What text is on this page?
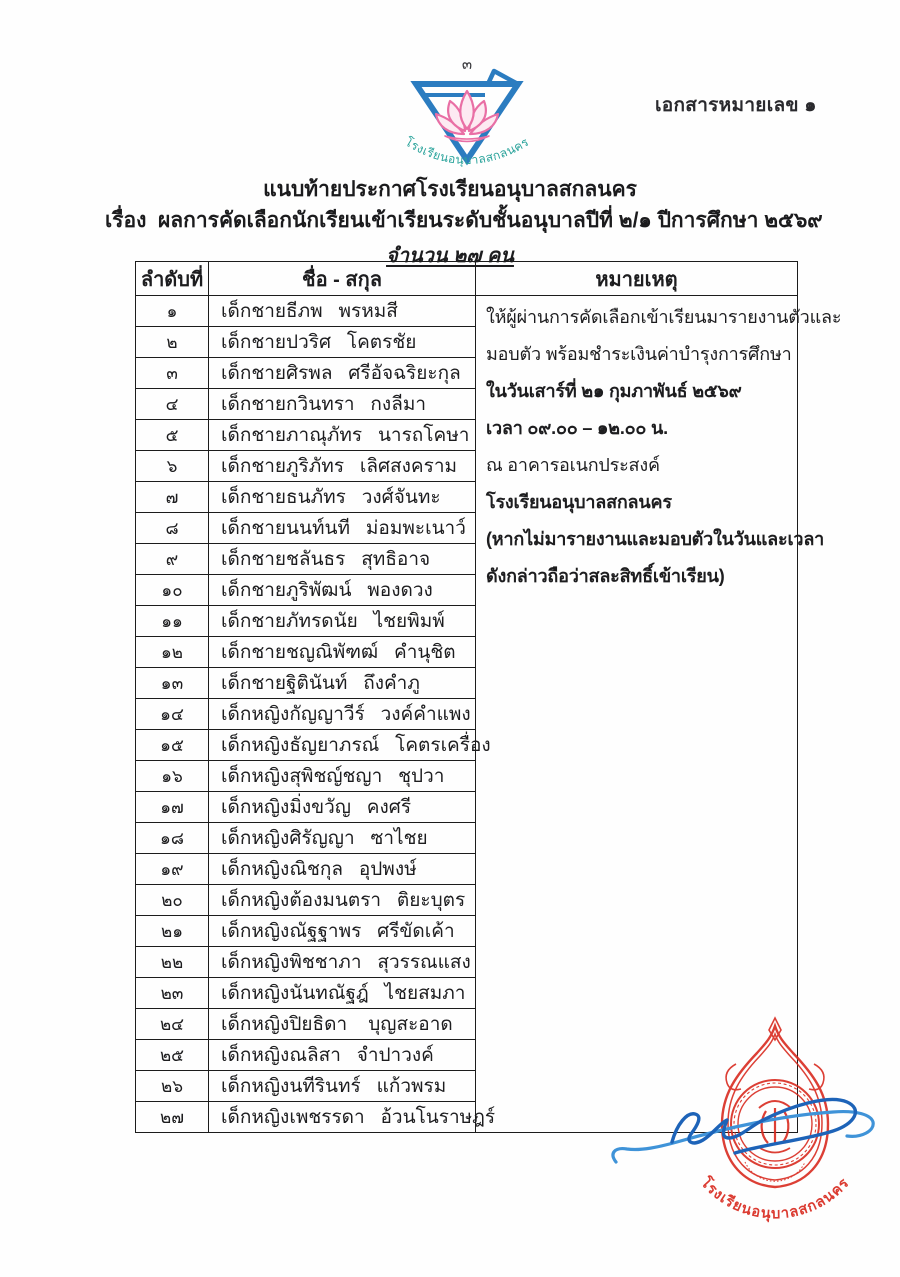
๓
โรงเรียนอนุบาลสกลนคร
เอกสารหมายเลข ๑
แนบท้ายประกาศโรงเรียนอนุบาลสกลนคร
เรื่อง  ผลการคัดเลือกนักเรียนเข้าเรียนระดับชั้นอนุบาลปีที่ ๒/๑ ปีการศึกษา ๒๕๖๙
จำนวน ๒๗ คน
ลำดับที่	ชื่อ - สกุล	หมายเหตุ
๑	เด็กชายธีภพ   พรหมสี	ให้ผู้ผ่านการคัดเลือกเข้าเรียนมารายงานตัวและ
มอบตัว พร้อมชำระเงินค่าบำรุงการศึกษา
ในวันเสาร์ที่ ๒๑ กุมภาพันธ์ ๒๕๖๙
เวลา ๐๙.๐๐ – ๑๒.๐๐ น.
ณ อาคารอเนกประสงค์
โรงเรียนอนุบาลสกลนคร
(หากไม่มารายงานและมอบตัวในวันและเวลา
ดังกล่าวถือว่าสละสิทธิ์เข้าเรียน)

๒	เด็กชายปวริศ   โคตรชัย	
๓	เด็กชายศิรพล   ศรีอัจฉริยะกุล	
๔	เด็กชายกวินทรา   กงลีมา	
๕	เด็กชายภาณุภัทร   นารถโคษา	
๖	เด็กชายภูริภัทร   เลิศสงคราม	
๗	เด็กชายธนภัทร   วงศ์จันทะ	
๘	เด็กชายนนท์นที   ม่อมพะเนาว์	
๙	เด็กชายชลันธร   สุทธิอาจ	
๑๐	เด็กชายภูริพัฒน์   พองดวง	
๑๑	เด็กชายภัทรดนัย   ไชยพิมพ์	
๑๒	เด็กชายชญณิพัฑฒ์   คำนุชิต	
๑๓	เด็กชายฐิตินันท์   ถึงคำภู	
๑๔	เด็กหญิงกัญญาวีร์   วงค์คำแพง	
๑๕	เด็กหญิงธัญยาภรณ์   โคตรเครื่อง	
๑๖	เด็กหญิงสุพิชญ์ชญา   ชุปวา	
๑๗	เด็กหญิงมิ่งขวัญ   คงศรี	
๑๘	เด็กหญิงศิรัญญา   ซาไชย	
๑๙	เด็กหญิงณิชกุล   อุปพงษ์	
๒๐	เด็กหญิงต้องมนตรา   ติยะบุตร	
๒๑	เด็กหญิงณัฐฐาพร   ศรีขัดเค้า	
๒๒	เด็กหญิงพิชชาภา   สุวรรณแสง	
๒๓	เด็กหญิงนันทณัฐฎ์   ไชยสมภา	
๒๔	เด็กหญิงปิยธิดา    บุญสะอาด	
๒๕	เด็กหญิงณลิสา   จำปาวงค์	
๒๖	เด็กหญิงนทีรินทร์   แก้วพรม	
๒๗	เด็กหญิงเพชรรดา   อ้วนโนราษฎร์	
โรงเรียนอนุบาลสกลนคร
